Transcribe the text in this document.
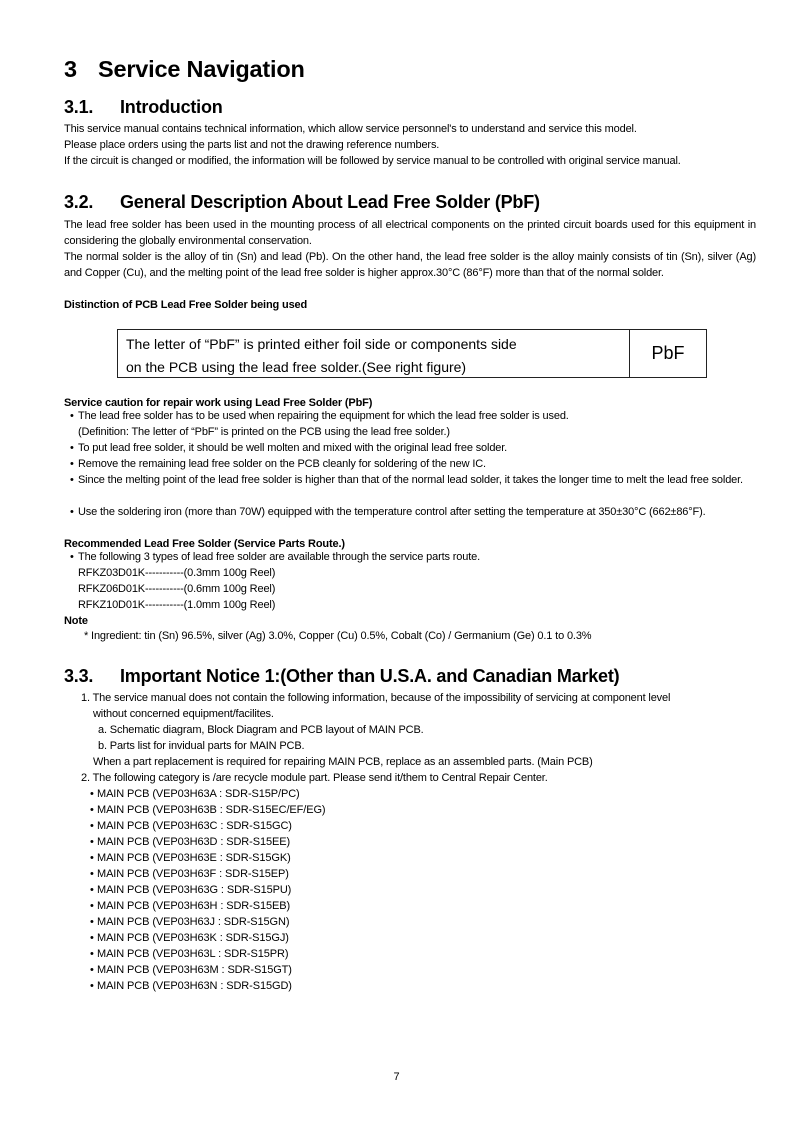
3 Service Navigation
3.1. Introduction
This service manual contains technical information, which allow service personnel's to understand and service this model.
Please place orders using the parts list and not the drawing reference numbers.
If the circuit is changed or modified, the information will be followed by service manual to be controlled with original service manual.
3.2. General Description About Lead Free Solder (PbF)
The lead free solder has been used in the mounting process of all electrical components on the printed circuit boards used for this equipment in considering the globally environmental conservation.
The normal solder is the alloy of tin (Sn) and lead (Pb). On the other hand, the lead free solder is the alloy mainly consists of tin (Sn), silver (Ag) and Copper (Cu), and the melting point of the lead free solder is higher approx.30°C (86°F) more than that of the normal solder.
Distinction of PCB Lead Free Solder being used
The letter of “PbF” is printed either foil side or components side
on the PCB using the lead free solder.(See right figure)
PbF
Service caution for repair work using Lead Free Solder (PbF)
• The lead free solder has to be used when repairing the equipment for which the lead free solder is used.
(Definition: The letter of “PbF” is printed on the PCB using the lead free solder.)
• To put lead free solder, it should be well molten and mixed with the original lead free solder.
• Remove the remaining lead free solder on the PCB cleanly for soldering of the new IC.
• Since the melting point of the lead free solder is higher than that of the normal lead solder, it takes the longer time to melt the lead free solder.
• Use the soldering iron (more than 70W) equipped with the temperature control after setting the temperature at 350±30°C (662±86°F).
Recommended Lead Free Solder (Service Parts Route.)
• The following 3 types of lead free solder are available through the service parts route.
RFKZ03D01K-----------(0.3mm 100g Reel)
RFKZ06D01K-----------(0.6mm 100g Reel)
RFKZ10D01K-----------(1.0mm 100g Reel)
Note
* Ingredient: tin (Sn) 96.5%, silver (Ag) 3.0%, Copper (Cu) 0.5%, Cobalt (Co) / Germanium (Ge) 0.1 to 0.3%
3.3. Important Notice 1:(Other than U.S.A. and Canadian Market)
1. The service manual does not contain the following information, because of the impossibility of servicing at component level
without concerned equipment/facilites.
a. Schematic diagram, Block Diagram and PCB layout of MAIN PCB.
b. Parts list for invidual parts for MAIN PCB.
When a part replacement is required for repairing MAIN PCB, replace as an assembled parts. (Main PCB)
2. The following category is /are recycle module part. Please send it/them to Central Repair Center.
• MAIN PCB (VEP03H63A : SDR-S15P/PC)
• MAIN PCB (VEP03H63B : SDR-S15EC/EF/EG)
• MAIN PCB (VEP03H63C : SDR-S15GC)
• MAIN PCB (VEP03H63D : SDR-S15EE)
• MAIN PCB (VEP03H63E : SDR-S15GK)
• MAIN PCB (VEP03H63F : SDR-S15EP)
• MAIN PCB (VEP03H63G : SDR-S15PU)
• MAIN PCB (VEP03H63H : SDR-S15EB)
• MAIN PCB (VEP03H63J : SDR-S15GN)
• MAIN PCB (VEP03H63K : SDR-S15GJ)
• MAIN PCB (VEP03H63L : SDR-S15PR)
• MAIN PCB (VEP03H63M : SDR-S15GT)
• MAIN PCB (VEP03H63N : SDR-S15GD)
7
